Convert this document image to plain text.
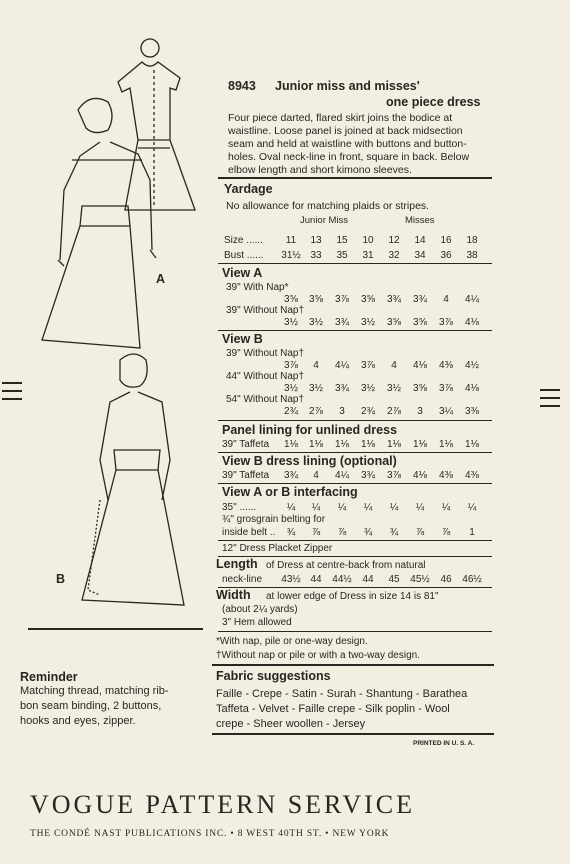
A
B
Reminder
Matching thread, matching rib-
bon seam binding, 2 buttons,
hooks and eyes, zipper.
8943 Junior miss and misses'
one piece dress
Four piece darted, flared skirt joins the bodice at
waistline. Loose panel is joined at back midsection
seam and held at waistline with buttons and button-
holes. Oval neck-line in front, square in back. Below
elbow length and short kimono sleeves.
Yardage
No allowance for matching plaids or stripes.
Junior Miss	Misses
Size ......	11	13	15	10	12	14	16	18
Bust ...... 31½ 33	35	31	32	34	36	38
View A
39" With Nap*
3⅝	3⅝	3⅞	3⅝	3¾	3¾	4	4¼
39" Without Nap†
3½	3½	3¾	3½	3⅝	3⅝	3⅞	4⅛
View B
39" Without Nap†
3⅞	4	4¼	3⅞	4	4⅛	4⅜	4½
44" Without Nap†
3½	3½	3¾	3½	3½	3⅝	3⅞	4⅛
54" Without Nap†
2¾	2⅞	3	2¾	2⅞	3	3¼	3⅜
Panel lining for unlined dress
39" Taffeta	1⅛	1⅛	1⅛	1⅛	1⅛	1⅛	1⅛	1⅛
View B dress lining (optional)
39" Taffeta	3¾	4	4¼	3¾	3⅞	4⅛	4⅜	4⅜
View A or B interfacing
35" ......	¼	¼	¼	¼	¼	¼	¼	¼
¾" grosgrain belting for
inside belt ..	¾	⅞	⅞	¾	¾	⅞	⅞	1
12" Dress Placket Zipper
Length of Dress at centre-back from natural
neck-line 43½ 44	44½	44	45	45½	46	46½
Width at lower edge of Dress in size 14 is 81"
(about 2¼ yards)
3" Hem allowed
*With nap, pile or one-way design.
†Without nap or pile or with a two-way design.
Fabric suggestions
Faille - Crepe - Satin - Surah - Shantung - Barathea
Taffeta - Velvet - Faille crepe - Silk poplin - Wool
crepe - Sheer woollen - Jersey
PRINTED IN U. S. A.
VOGUE PATTERN SERVICE
THE CONDÉ NAST PUBLICATIONS INC. • 8 WEST 40TH ST. • NEW YORK
